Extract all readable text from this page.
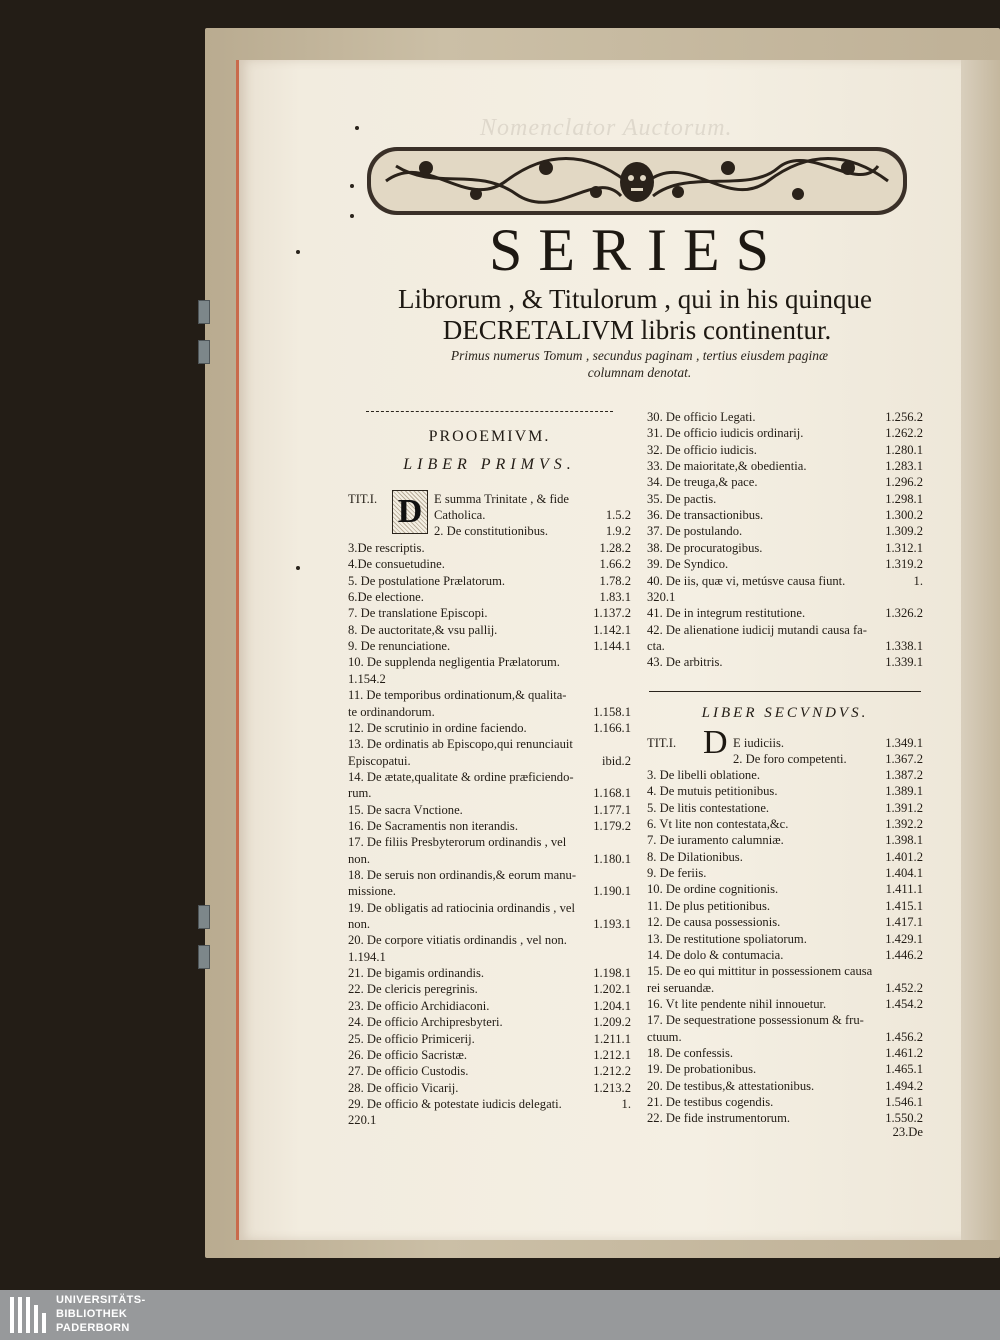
Nomenclator Auctorum.
SERIES
Librorum , & Titulorum , qui in his quinque
DECRETALIVM libris continentur.
Primus numerus Tomum , secundus paginam , tertius eiusdem paginæ
columnam denotat.
PROOEMIVM.
LIBER PRIMVS.
TIT.I. D E summa Trinitate , & fide
Catholica.	1.5.2
2. De constitutionibus.	1.9.2
3.De rescriptis.	1.28.2
4.De consuetudine.	1.66.2
5. De postulatione Prælatorum.	1.78.2
6.De electione.	1.83.1
7. De translatione Episcopi.	1.137.2
8. De auctoritate,& vsu pallij.	1.142.1
9. De renunciatione.	1.144.1
10. De supplenda negligentia Prælatorum.
1.154.2
11. De temporibus ordinationum,& qualita-
te ordinandorum.	1.158.1
12. De scrutinio in ordine faciendo.	1.166.1
13. De ordinatis ab Episcopo,qui renunciauit
Episcopatui.	ibid.2
14. De ætate,qualitate & ordine præficiendo-
rum.	1.168.1
15. De sacra Vnctione.	1.177.1
16. De Sacramentis non iterandis.	1.179.2
17. De filiis Presbyterorum ordinandis , vel
non.	1.180.1
18. De seruis non ordinandis,& eorum manu-
missione.	1.190.1
19. De obligatis ad ratiocinia ordinandis , vel
non.	1.193.1
20. De corpore vitiatis ordinandis , vel non.
1.194.1
21. De bigamis ordinandis.	1.198.1
22. De clericis peregrinis.	1.202.1
23. De officio Archidiaconi.	1.204.1
24. De officio Archipresbyteri.	1.209.2
25. De officio Primicerij.	1.211.1
26. De officio Sacristæ.	1.212.1
27. De officio Custodis.	1.212.2
28. De officio Vicarij.	1.213.2
29. De officio & potestate iudicis delegati.	1.
220.1
30. De officio Legati.	1.256.2
31. De officio iudicis ordinarij.	1.262.2
32. De officio iudicis.	1.280.1
33. De maioritate,& obedientia.	1.283.1
34. De treuga,& pace.	1.296.2
35. De pactis.	1.298.1
36. De transactionibus.	1.300.2
37. De postulando.	1.309.2
38. De procuratogibus.	1.312.1
39. De Syndico.	1.319.2
40. De iis, quæ vi, metúsve causa fiunt.	1.
320.1
41. De in integrum restitutione.	1.326.2
42. De alienatione iudicij mutandi causa fa-
cta.	1.338.1
43. De arbitris.	1.339.1
LIBER SECVNDVS.
TIT.I. D E iudiciis.	1.349.1
2. De foro competenti.	1.367.2
3. De libelli oblatione.	1.387.2
4. De mutuis petitionibus.	1.389.1
5. De litis contestatione.	1.391.2
6. Vt lite non contestata,&c.	1.392.2
7. De iuramento calumniæ.	1.398.1
8. De Dilationibus.	1.401.2
9. De feriis.	1.404.1
10. De ordine cognitionis.	1.411.1
11. De plus petitionibus.	1.415.1
12. De causa possessionis.	1.417.1
13. De restitutione spoliatorum.	1.429.1
14. De dolo & contumacia.	1.446.2
15. De eo qui mittitur in possessionem causa
rei seruandæ.	1.452.2
16. Vt lite pendente nihil innouetur.	1.454.2
17. De sequestratione possessionum & fru-
ctuum.	1.456.2
18. De confessis.	1.461.2
19. De probationibus.	1.465.1
20. De testibus,& attestationibus.	1.494.2
21. De testibus cogendis.	1.546.1
22. De fide instrumentorum.	1.550.2
23.De
UNIVERSITÄTS-
BIBLIOTHEK
PADERBORN
